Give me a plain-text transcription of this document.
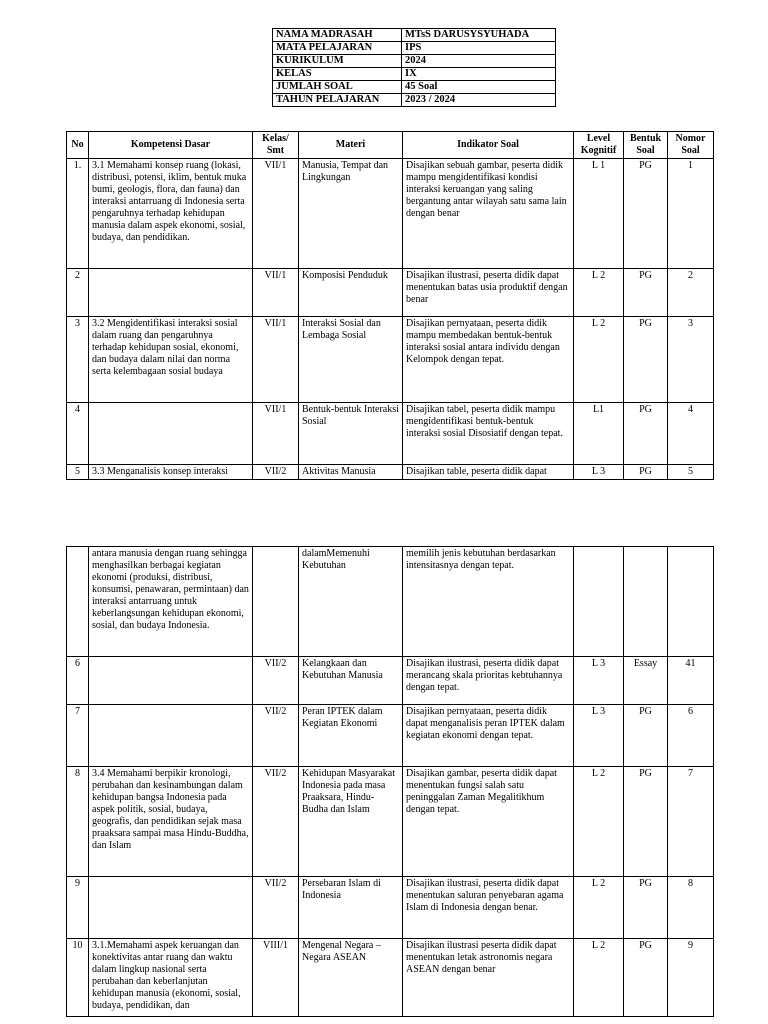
NAMA MADRASAH	MTsS DARUSYSYUHADA
MATA PELAJARAN	IPS
KURIKULUM	2024
KELAS	IX
JUMLAH SOAL	45 Soal
TAHUN PELAJARAN	2023 / 2024
No	Kompetensi Dasar	Kelas/ Smt	Materi	Indikator Soal	Level Kognitif	Bentuk Soal	Nomor Soal
1.	3.1 Memahami konsep ruang (lokasi, distribusi, potensi, iklim, bentuk muka bumi, geologis, flora, dan fauna) dan interaksi antarruang di Indonesia serta pengaruhnya terhadap kehidupan manusia dalam aspek ekonomi, sosial, budaya, dan pendidikan.	VII/1	Manusia, Tempat dan Lingkungan	Disajikan sebuah gambar, peserta didik mampu mengidentifikasi kondisi interaksi keruangan yang saling bergantung antar wilayah satu sama lain dengan benar	L 1	PG	1
2		VII/1	Komposisi Penduduk	Disajikan ilustrasi, peserta didik dapat menentukan batas usia produktif dengan benar	L 2	PG	2
3	3.2 Mengidentifikasi interaksi sosial dalam ruang dan pengaruhnya terhadap kehidupan sosial, ekonomi, dan budaya dalam nilai dan norma serta kelembagaan sosial budaya	VII/1	Interaksi Sosial dan Lembaga Sosial	Disajikan pernyataan, peserta didik mampu membedakan bentuk-bentuk interaksi sosial antara individu dengan Kelompok dengan tepat.	L 2	PG	3
4		VII/1	Bentuk-bentuk Interaksi Sosial	Disajikan tabel, peserta didik mampu mengidentifikasi bentuk-bentuk interaksi sosial Disosiatif dengan tepat.	L1	PG	4
5	3.3 Menganalisis konsep interaksi	VII/2	Aktivitas Manusia	Disajikan table, peserta didik dapat	L 3	PG	5
	antara manusia dengan ruang sehingga menghasilkan berbagai kegiatan ekonomi (produksi, distribusi, konsumsi, penawaran, permintaan) dan interaksi antarruang untuk keberlangsungan kehidupan ekonomi, sosial, dan budaya Indonesia.		dalamMemenuhi Kebutuhan	memilih jenis kebutuhan berdasarkan intensitasnya dengan tepat.			
6		VII/2	Kelangkaan dan Kebutuhan Manusia	Disajikan ilustrasi, peserta didik dapat merancang skala prioritas kebtuhannya dengan tepat.	L 3	Essay	41
7		VII/2	Peran IPTEK dalam Kegiatan Ekonomi	Disajikan pernyataan, peserta didik dapat menganalisis peran IPTEK dalam kegiatan ekonomi dengan tepat.	L 3	PG	6
8	3.4 Memahami berpikir kronologi, perubahan dan kesinambungan dalam kehidupan bangsa Indonesia pada aspek politik, sosial, budaya, geografis, dan pendidikan sejak masa praaksara sampai masa Hindu-Buddha, dan Islam	VII/2	Kehidupan Masyarakat Indonesia pada masa Praaksara, Hindu-Budha dan Islam	Disajikan gambar, peserta didik dapat menentukan fungsi salah satu peninggalan Zaman Megalitikhum dengan tepat.	L 2	PG	7
9		VII/2	Persebaran Islam di Indonesia	Disajikan ilustrasi, peserta didik dapat menentukan saluran penyebaran agama Islam di Indonesia dengan benar.	L 2	PG	8
10	3.1.Memahami aspek keruangan dan konektivitas antar ruang dan waktu dalam lingkup nasional serta perubahan dan keberlanjutan kehidupan manusia (ekonomi, sosial, budaya, pendidikan, dan	VIII/1	Mengenal Negara – Negara ASEAN	Disajikan ilustrasi peserta didik dapat menentukan letak astronomis negara ASEAN dengan benar	L 2	PG	9
